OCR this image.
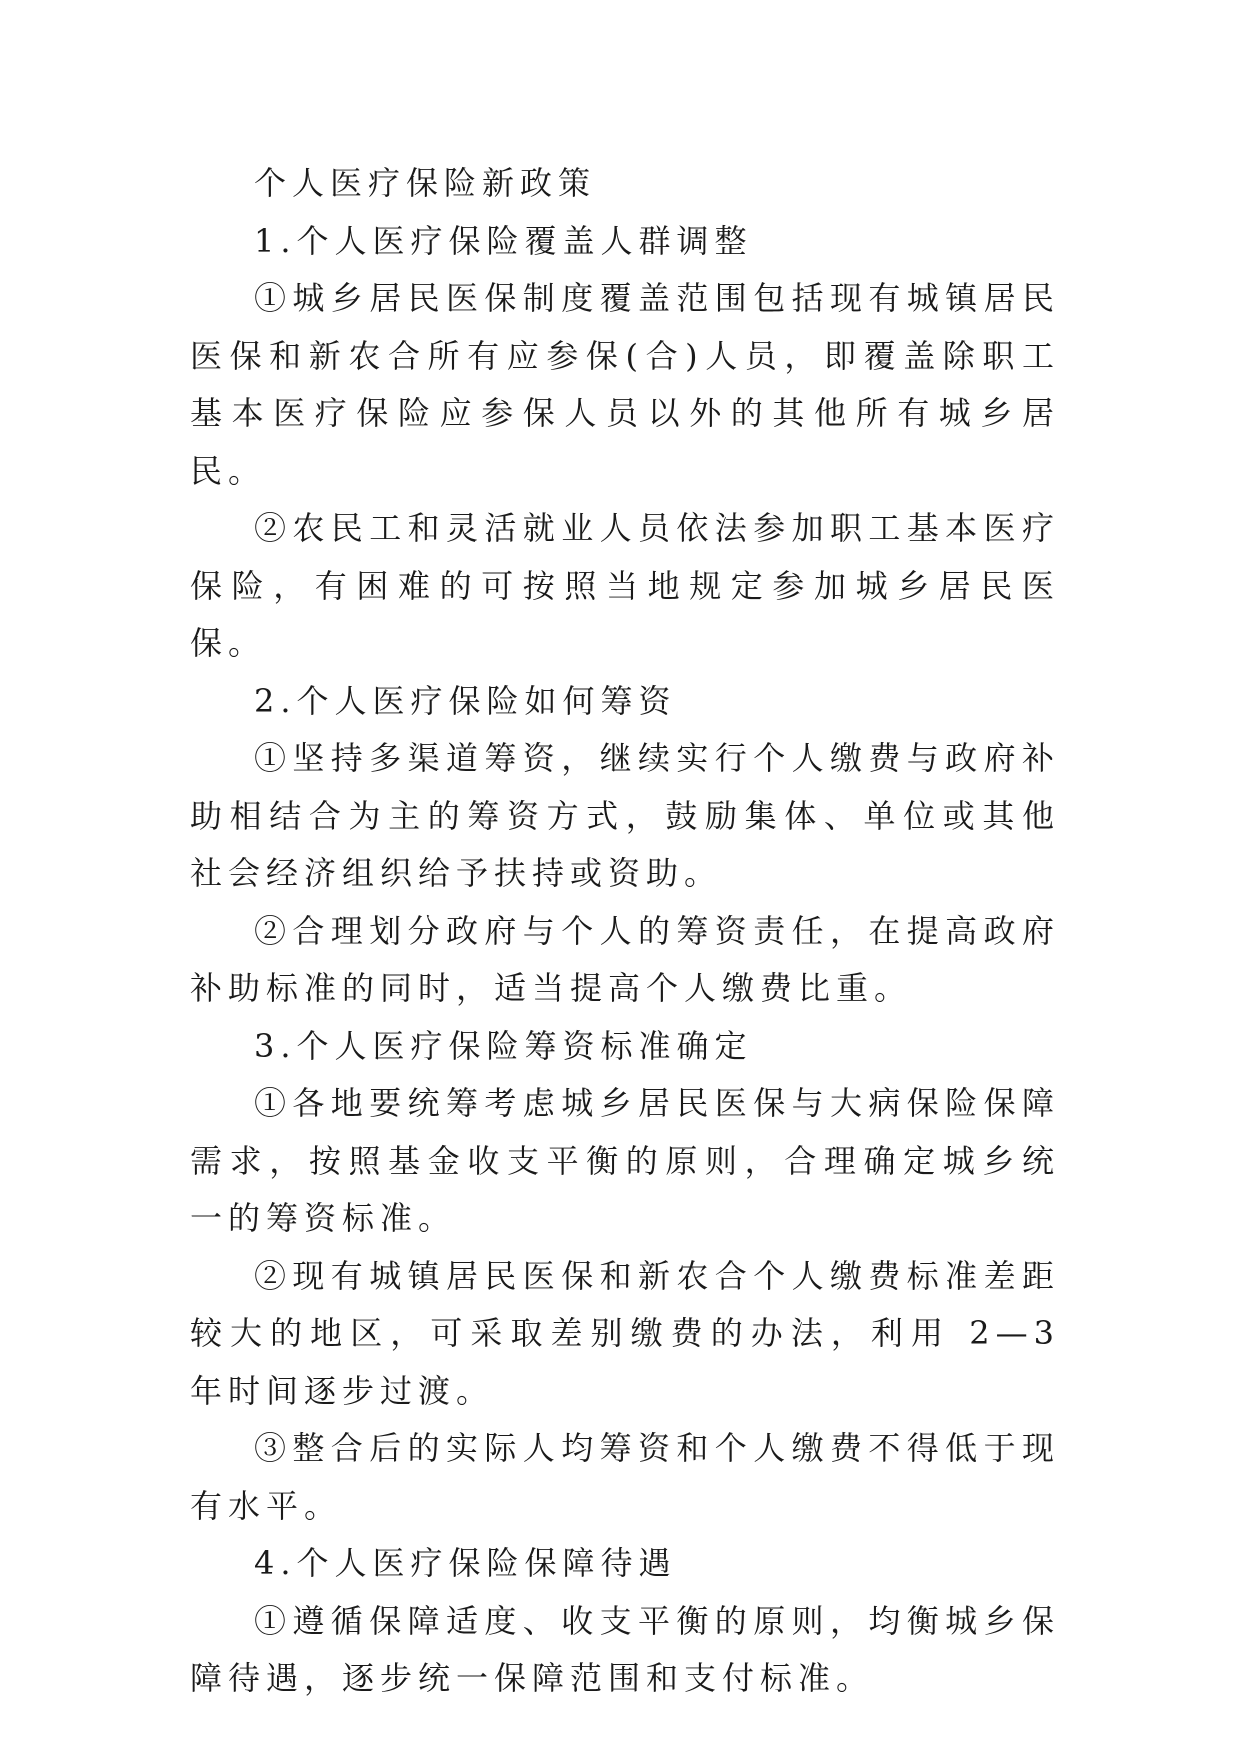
个人医疗保险新政策

1.个人医疗保险覆盖人群调整

①城乡居民医保制度覆盖范围包括现有城镇居民医保和新农合所有应参保(合)人员，即覆盖除职工基本医疗保险应参保人员以外的其他所有城乡居民。

②农民工和灵活就业人员依法参加职工基本医疗保险，有困难的可按照当地规定参加城乡居民医保。

2.个人医疗保险如何筹资

①坚持多渠道筹资，继续实行个人缴费与政府补助相结合为主的筹资方式，鼓励集体、单位或其他社会经济组织给予扶持或资助。

②合理划分政府与个人的筹资责任，在提高政府补助标准的同时，适当提高个人缴费比重。

3.个人医疗保险筹资标准确定

①各地要统筹考虑城乡居民医保与大病保险保障需求，按照基金收支平衡的原则，合理确定城乡统一的筹资标准。

②现有城镇居民医保和新农合个人缴费标准差距较大的地区，可采取差别缴费的办法，利用 2—3 年时间逐步过渡。

③整合后的实际人均筹资和个人缴费不得低于现有水平。

4.个人医疗保险保障待遇

①遵循保障适度、收支平衡的原则，均衡城乡保障待遇，逐步统一保障范围和支付标准。
